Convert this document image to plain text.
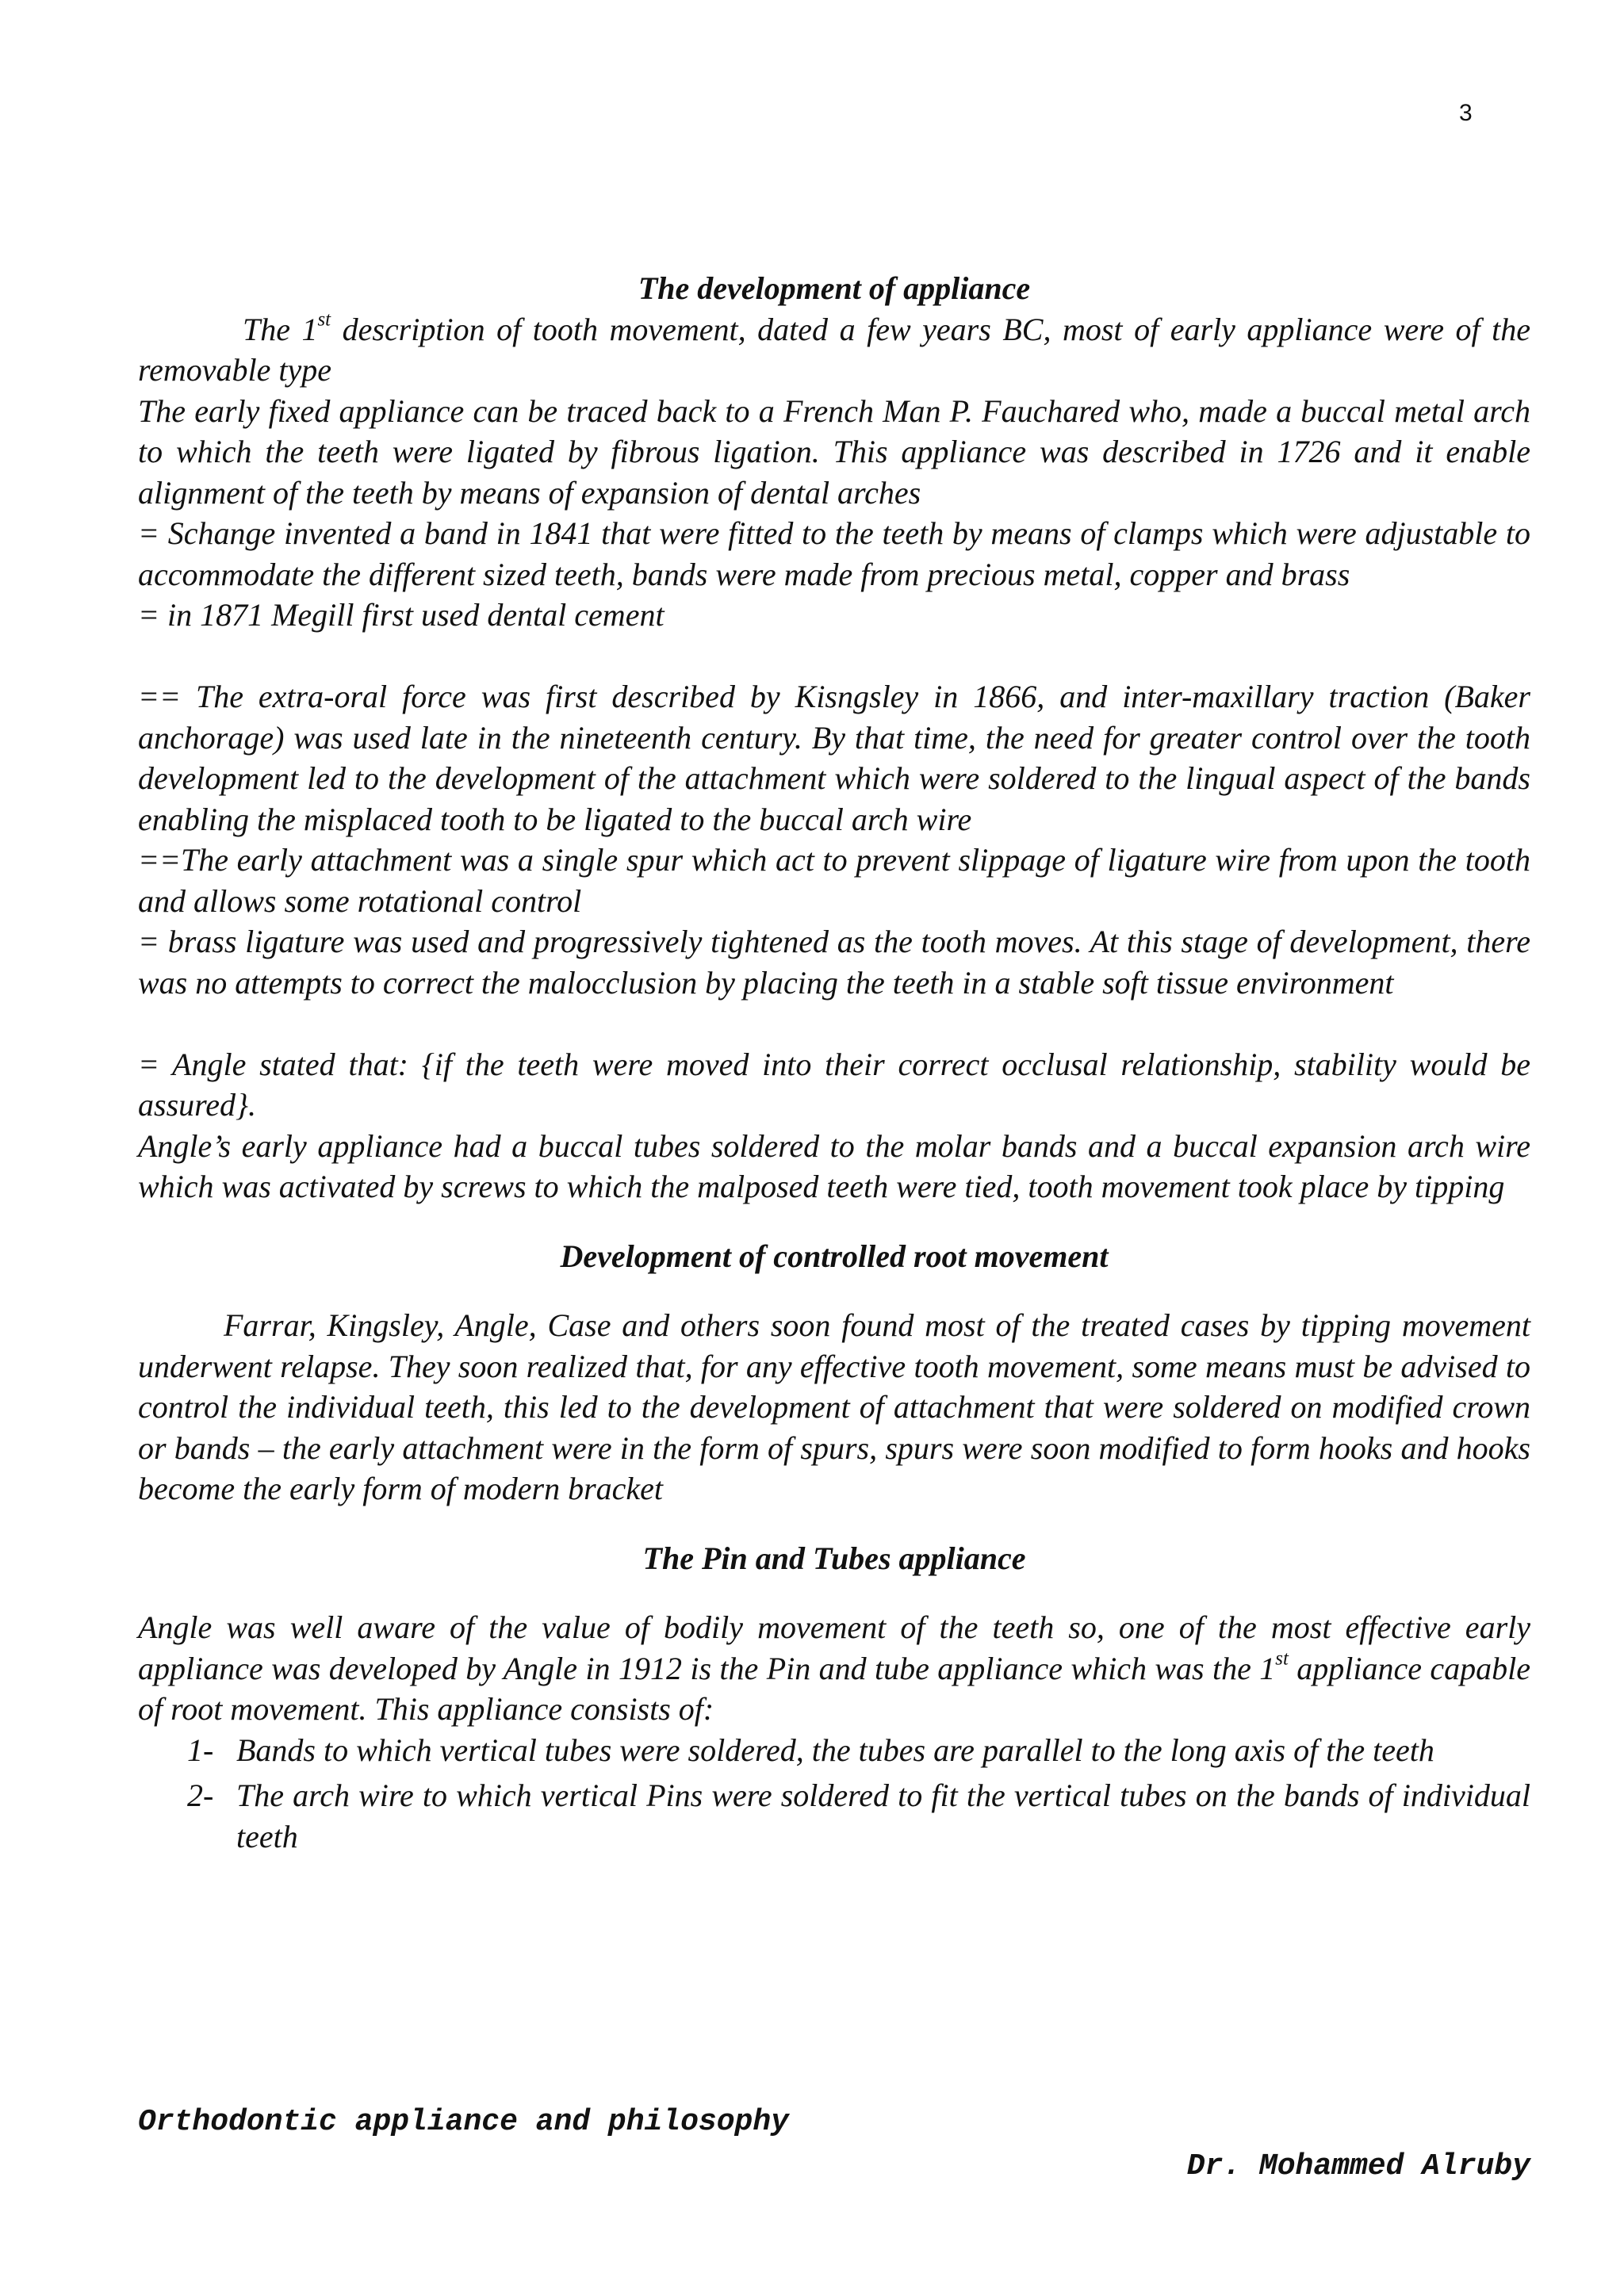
3

The development of appliance

The 1st description of tooth movement, dated a few years BC, most of early appliance were of the removable type

The early fixed appliance can be traced back to a French Man P. Fauchared who, made a buccal metal arch to which the teeth were ligated by fibrous ligation. This appliance was described in 1726 and it enable alignment of the teeth by means of expansion of dental arches

= Schange invented a band in 1841 that were fitted to the teeth by means of clamps which were adjustable to accommodate the different sized teeth, bands were made from precious metal, copper and brass

= in 1871 Megill first used dental cement

== The extra-oral force was first described by Kisngsley in 1866, and inter-maxillary traction (Baker anchorage) was used late in the nineteenth century. By that time, the need for greater control over the tooth development led to the development of the attachment which were soldered to the lingual aspect of the bands enabling the misplaced tooth to be ligated to the buccal arch wire

==The early attachment was a single spur which act to prevent slippage of ligature wire from upon the tooth and allows some rotational control

= brass ligature was used and progressively tightened as the tooth moves. At this stage of development, there was no attempts to correct the malocclusion by placing the teeth in a stable soft tissue environment

= Angle stated that: {if the teeth were moved into their correct occlusal relationship, stability would be assured}.

Angle’s early appliance had a buccal tubes soldered to the molar bands and a buccal expansion arch wire which was activated by screws to which the malposed teeth were tied, tooth movement took place by tipping

Development of controlled root movement

Farrar, Kingsley, Angle, Case and others soon found most of the treated cases by tipping movement underwent relapse. They soon realized that, for any effective tooth movement, some means must be advised to control the individual teeth, this led to the development of attachment that were soldered on modified crown or bands – the early attachment were in the form of spurs, spurs were soon modified to form hooks and hooks become the early form of modern bracket

The Pin and Tubes appliance

Angle was well aware of the value of bodily movement of the teeth so, one of the most effective early appliance was developed by Angle in 1912 is the Pin and tube appliance which was the 1st appliance capable of root movement. This appliance consists of:

1- Bands to which vertical tubes were soldered, the tubes are parallel to the long axis of the teeth
2- The arch wire to which vertical Pins were soldered to fit the vertical tubes on the bands of individual teeth
Orthodontic appliance and philosophy
Dr. Mohammed Alruby
